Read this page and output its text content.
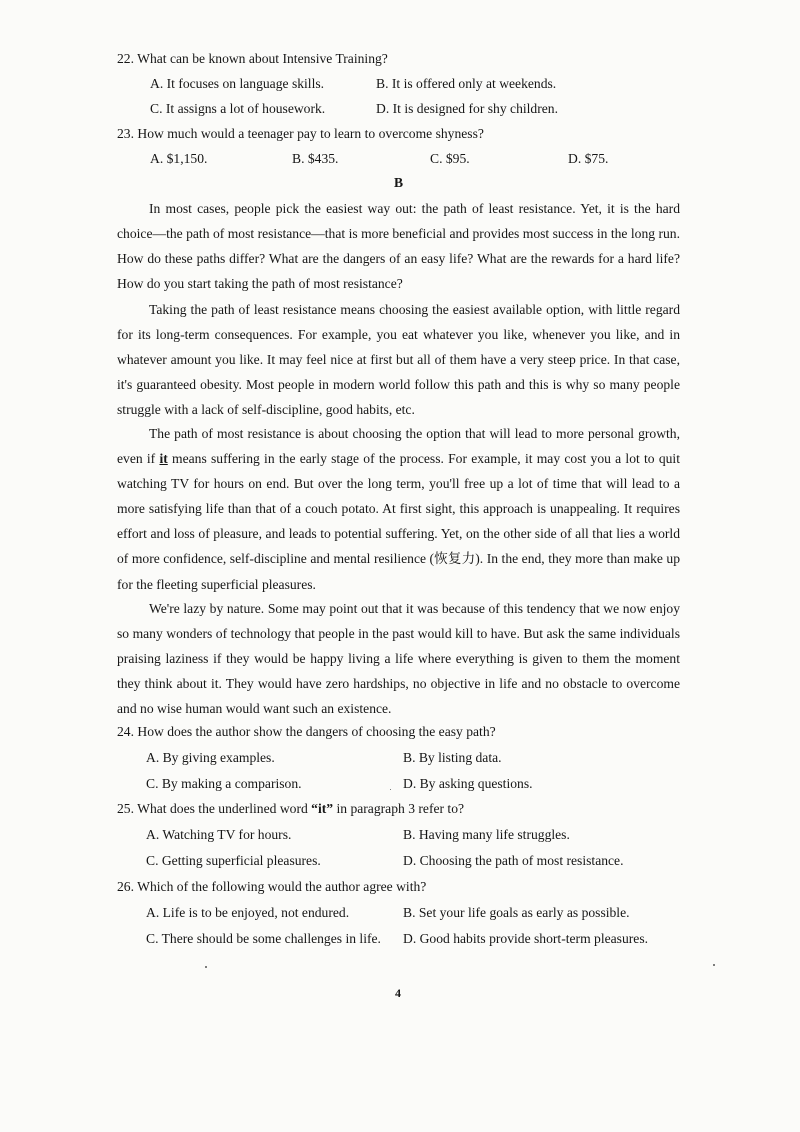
22. What can be known about Intensive Training?
A. It focuses on language skills.	B. It is offered only at weekends.
C. It assigns a lot of housework.	D. It is designed for shy children.
23. How much would a teenager pay to learn to overcome shyness?
A. $1,150.	B. $435.	C. $95.	D. $75.
B
In most cases, people pick the easiest way out: the path of least resistance. Yet, it is the hard choice—the path of most resistance—that is more beneficial and provides most success in the long run. How do these paths differ? What are the dangers of an easy life? What are the rewards for a hard life? How do you start taking the path of most resistance?
Taking the path of least resistance means choosing the easiest available option, with little regard for its long-term consequences. For example, you eat whatever you like, whenever you like, and in whatever amount you like. It may feel nice at first but all of them have a very steep price. In that case, it's guaranteed obesity. Most people in modern world follow this path and this is why so many people struggle with a lack of self-discipline, good habits, etc.
The path of most resistance is about choosing the option that will lead to more personal growth, even if it means suffering in the early stage of the process. For example, it may cost you a lot to quit watching TV for hours on end. But over the long term, you'll free up a lot of time that will lead to a more satisfying life than that of a couch potato. At first sight, this approach is unappealing. It requires effort and loss of pleasure, and leads to potential suffering. Yet, on the other side of all that lies a world of more confidence, self-discipline and mental resilience (恢复力). In the end, they more than make up for the fleeting superficial pleasures.
We're lazy by nature. Some may point out that it was because of this tendency that we now enjoy so many wonders of technology that people in the past would kill to have. But ask the same individuals praising laziness if they would be happy living a life where everything is given to them the moment they think about it. They would have zero hardships, no objective in life and no obstacle to overcome and no wise human would want such an existence.
24. How does the author show the dangers of choosing the easy path?
A. By giving examples.	B. By listing data.
C. By making a comparison.	D. By asking questions.
25. What does the underlined word “it” in paragraph 3 refer to?
A. Watching TV for hours.	B. Having many life struggles.
C. Getting superficial pleasures.	D. Choosing the path of most resistance.
26. Which of the following would the author agree with?
A. Life is to be enjoyed, not endured.	B. Set your life goals as early as possible.
C. There should be some challenges in life. D. Good habits provide short-term pleasures.
4
